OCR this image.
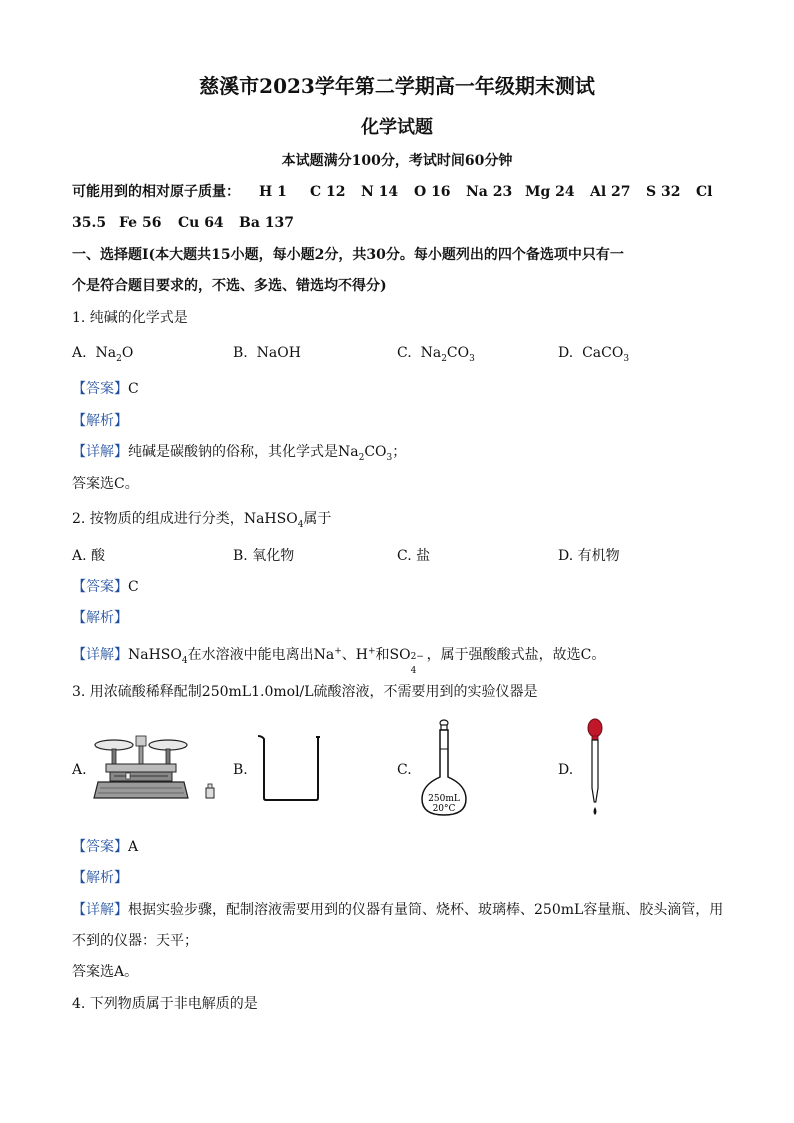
慈溪市2023学年第二学期高一年级期末测试
化学试题
本试题满分100分，考试时间60分钟
可能用到的相对原子质量： H 1 C 12 N 14 O 16 Na 23 Mg 24 Al 27 S 32 Cl
35.5 Fe 56 Cu 64 Ba 137
一、选择题Ⅰ(本大题共15小题，每小题2分，共30分。每小题列出的四个备选项中只有一
个是符合题目要求的，不选、多选、错选均不得分)
1. 纯碱的化学式是
A. $Na_2O$	B. NaOH	C. $Na_2CO_3$	D. CaCO$_3$
【答案】C
【解析】
【详解】纯碱是碳酸钠的俗称，其化学式是$Na_2CO_3$；
答案选C。
2. 按物质的组成进行分类，NaHSO$_4$属于
A. 酸	B. 氧化物	C. 盐	D. 有机物
【答案】C
【解析】
【详解】NaHSO$_4$在水溶液中能电离出Na+、H+和SO 2−
4
，属于强酸酸式盐，故选C。
3. 用浓硫酸稀释配制250mL1.0mol/L硫酸溶液，不需要用到的实验仪器是
A.	B.	C.	D.
250mL
20°C
【答案】A
【解析】
【详解】根据实验步骤，配制溶液需要用到的仪器有量筒、烧杯、玻璃棒、250mL容量瓶、胶头滴管，用
不到的仪器：天平；
答案选A。
4. 下列物质属于非电解质的是
